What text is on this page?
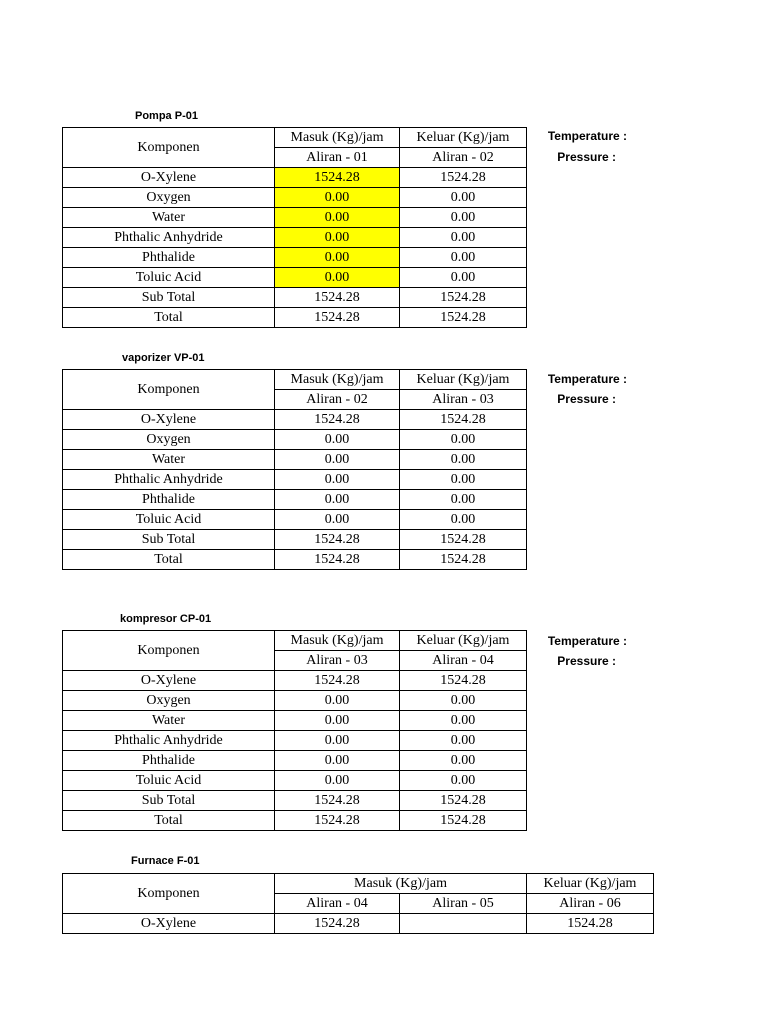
Pompa P-01
Komponen	Masuk (Kg)/jam	Keluar (Kg)/jam
	Aliran - 01	Aliran - 02
O-Xylene	1524.28	1524.28
Oxygen	0.00	0.00
Water	0.00	0.00
Phthalic Anhydride	0.00	0.00
Phthalide	0.00	0.00
Toluic Acid	0.00	0.00
Sub Total	1524.28	1524.28
Total	1524.28	1524.28
Temperature :
Pressure :
vaporizer VP-01
Komponen	Masuk (Kg)/jam	Keluar (Kg)/jam
	Aliran - 02	Aliran - 03
O-Xylene	1524.28	1524.28
Oxygen	0.00	0.00
Water	0.00	0.00
Phthalic Anhydride	0.00	0.00
Phthalide	0.00	0.00
Toluic Acid	0.00	0.00
Sub Total	1524.28	1524.28
Total	1524.28	1524.28
Temperature :
Pressure :
kompresor CP-01
Komponen	Masuk (Kg)/jam	Keluar (Kg)/jam
	Aliran - 03	Aliran - 04
O-Xylene	1524.28	1524.28
Oxygen	0.00	0.00
Water	0.00	0.00
Phthalic Anhydride	0.00	0.00
Phthalide	0.00	0.00
Toluic Acid	0.00	0.00
Sub Total	1524.28	1524.28
Total	1524.28	1524.28
Temperature :
Pressure :
Furnace F-01
Komponen	Masuk (Kg)/jam		Keluar (Kg)/jam
	Aliran - 04	Aliran - 05	Aliran - 06
O-Xylene	1524.28		1524.28
